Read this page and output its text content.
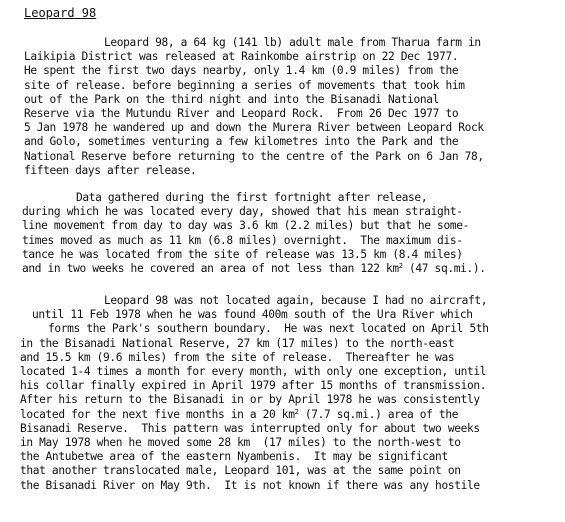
Leopard 98
Leopard 98, a 64 kg (141 lb) adult male from Tharua farm in
Laikipia District was released at Rainkombe airstrip on 22 Dec 1977.
He spent the first two days nearby, only 1.4 km (0.9 miles) from the
site of release. before beginning a series of movements that took him
out of the Park on the third night and into the Bisanadi National
Reserve via the Mutundu River and Leopard Rock.  From 26 Dec 1977 to
5 Jan 1978 he wandered up and down the Murera River between Leopard Rock
and Golo, sometimes venturing a few kilometres into the Park and the
National Reserve before returning to the centre of the Park on 6 Jan 78,
fifteen days after release.
Data gathered during the first fortnight after release,
during which he was located every day, showed that his mean straight-
line movement from day to day was 3.6 km (2.2 miles) but that he some-
times moved as much as 11 km (6.8 miles) overnight.  The maximum dis-
tance he was located from the site of release was 13.5 km (8.4 miles)
and in two weeks he covered an area of not less than 122 $km^2$ (47 sq.mi.).
Leopard 98 was not located again, because I had no aircraft,
until 11 Feb 1978 when he was found 400m south of the Ura River which
forms the Park's southern boundary.  He was next located on April 5th
in the Bisanadi National Reserve, 27 km (17 miles) to the north-east
and 15.5 km (9.6 miles) from the site of release.  Thereafter he was
located 1-4 times a month for every month, with only one exception, until
his collar finally expired in April 1979 after 15 months of transmission.
After his return to the Bisanadi in or by April 1978 he was consistently
located for the next five months in a 20 $km^2$ (7.7 sq.mi.) area of the
Bisanadi Reserve.  This pattern was interrupted only for about two weeks
in May 1978 when he moved some 28 km  (17 miles) to the north-west to
the Antubetwe area of the eastern Nyambenis.  It may be significant
that another translocated male, Leopard 101, was at the same point on
the Bisanadi River on May 9th.  It is not known if there was any hostile
